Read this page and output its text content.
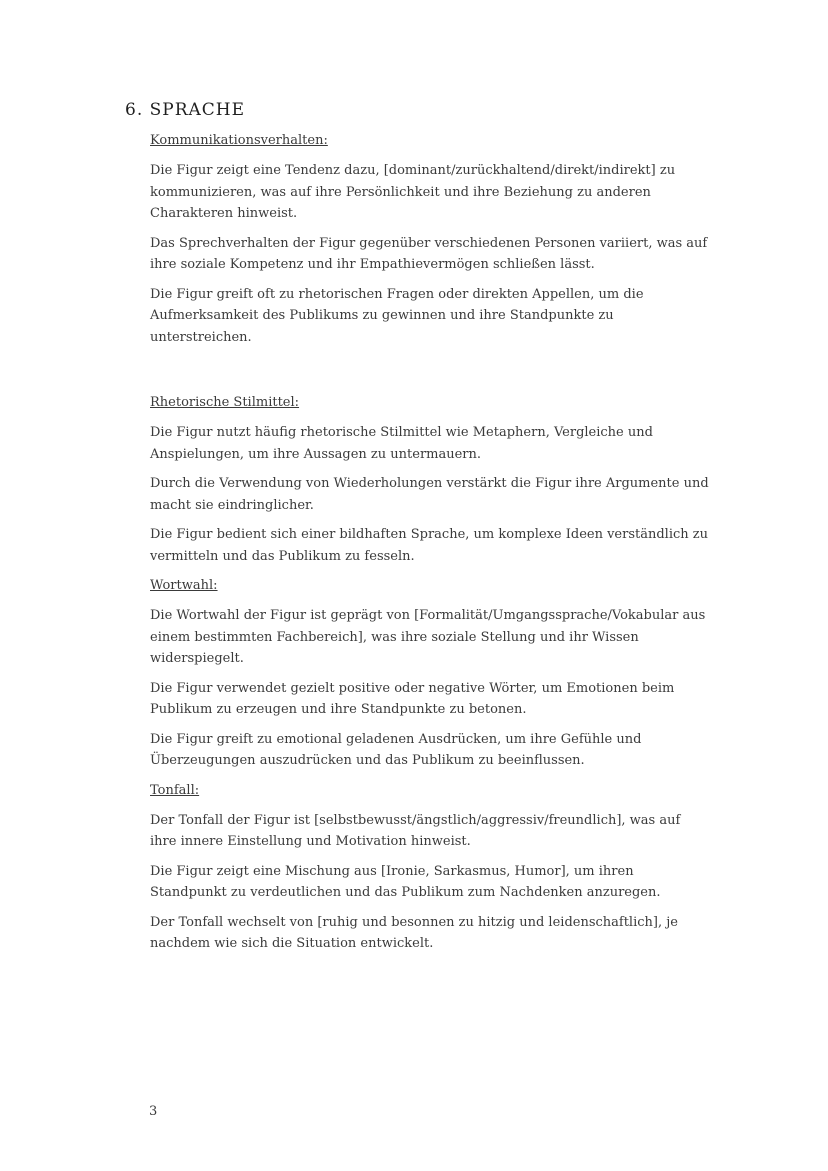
6. SPRACHE

Kommunikationsverhalten:

Die Figur zeigt eine Tendenz dazu, [dominant/zurückhaltend/direkt/indirekt] zu kommunizieren, was auf ihre Persönlichkeit und ihre Beziehung zu anderen Charakteren hinweist.

Das Sprechverhalten der Figur gegenüber verschiedenen Personen variiert, was auf ihre soziale Kompetenz und ihr Empathievermögen schließen lässt.

Die Figur greift oft zu rhetorischen Fragen oder direkten Appellen, um die Aufmerksamkeit des Publikums zu gewinnen und ihre Standpunkte zu unterstreichen.

Rhetorische Stilmittel:

Die Figur nutzt häufig rhetorische Stilmittel wie Metaphern, Vergleiche und Anspielungen, um ihre Aussagen zu untermauern.

Durch die Verwendung von Wiederholungen verstärkt die Figur ihre Argumente und macht sie eindringlicher.

Die Figur bedient sich einer bildhaften Sprache, um komplexe Ideen verständlich zu vermitteln und das Publikum zu fesseln.

Wortwahl:

Die Wortwahl der Figur ist geprägt von [Formalität/Umgangssprache/Vokabular aus einem bestimmten Fachbereich], was ihre soziale Stellung und ihr Wissen widerspiegelt.

Die Figur verwendet gezielt positive oder negative Wörter, um Emotionen beim Publikum zu erzeugen und ihre Standpunkte zu betonen.

Die Figur greift zu emotional geladenen Ausdrücken, um ihre Gefühle und Überzeugungen auszudrücken und das Publikum zu beeinflussen.

Tonfall:

Der Tonfall der Figur ist [selbstbewusst/ängstlich/aggressiv/freundlich], was auf ihre innere Einstellung und Motivation hinweist.

Die Figur zeigt eine Mischung aus [Ironie, Sarkasmus, Humor], um ihren Standpunkt zu verdeutlichen und das Publikum zum Nachdenken anzuregen.

Der Tonfall wechselt von [ruhig und besonnen zu hitzig und leidenschaftlich], je nachdem wie sich die Situation entwickelt.

3
